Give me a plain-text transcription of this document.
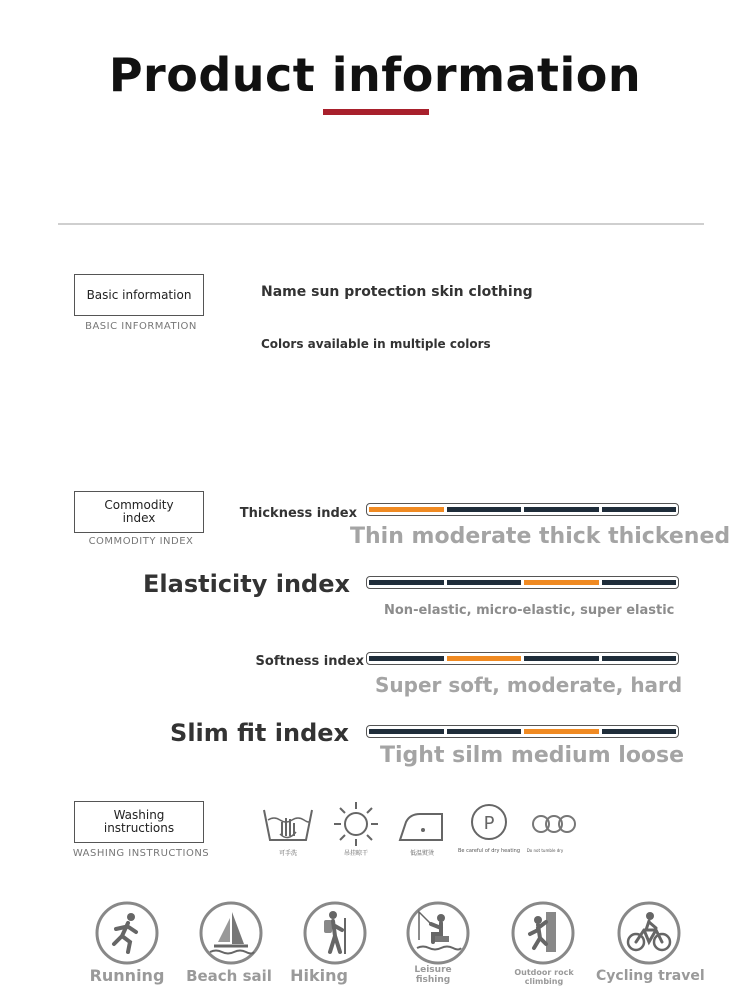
Product information
Basic information
BASIC INFORMATION
Name sun protection skin clothing
Colors available in multiple colors
Commodity
index
COMMODITY INDEX
Thickness index
Thin moderate thick thickened
Elasticity index
Non-elastic, micro-elastic, super elastic
Softness index
Super soft, moderate, hard
Slim fit index
Tight silm medium loose
Washing
instructions
WASHING INSTRUCTIONS	可手洗	吊挂晾干	低温熨烫
P
Be careful of dry heating	Do not tumble dry
Running	Beach sail	Hiking	Leisure
fishing
Outdoor rock
climbing	Cycling travel
